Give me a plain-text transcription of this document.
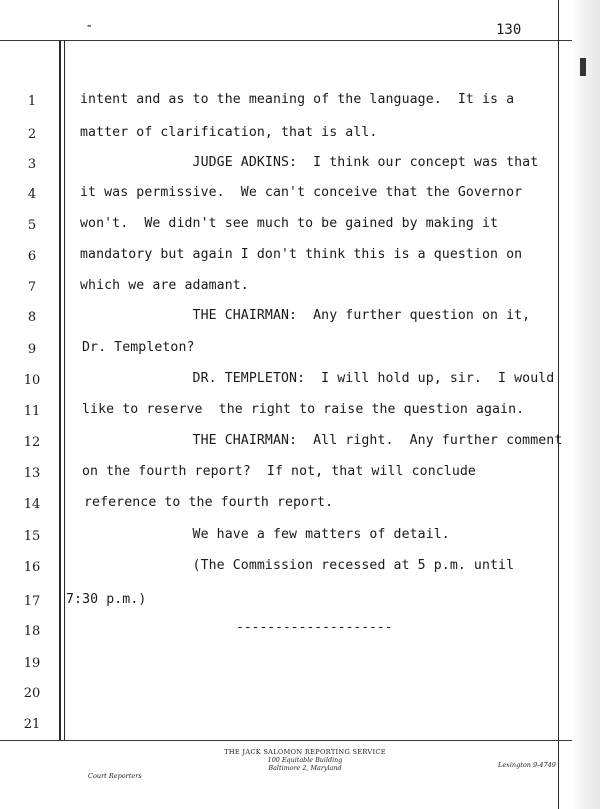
-	130
1	intent and as to the meaning of the language.  It is a
2	matter of clarification, that is all.
3	JUDGE ADKINS:  I think our concept was that
4	it was permissive.  We can't conceive that the Governor
5	won't.  We didn't see much to be gained by making it
6	mandatory but again I don't think this is a question on
7	which we are adamant.
8	THE CHAIRMAN:  Any further question on it,
9	Dr. Templeton?
10	DR. TEMPLETON:  I will hold up, sir.  I would
11	like to reserve  the right to raise the question again.
12	THE CHAIRMAN:  All right.  Any further comment
13	on the fourth report?  If not, that will conclude
14	reference to the fourth report.
15	We have a few matters of detail.
16	(The Commission recessed at 5 p.m. until
17	7:30 p.m.)
18
19
20
21
--------------------
THE JACK SALOMON REPORTING SERVICE
100 Equitable Building
Baltimore 2, Maryland
Court Reporters
Lexington 9-4749
